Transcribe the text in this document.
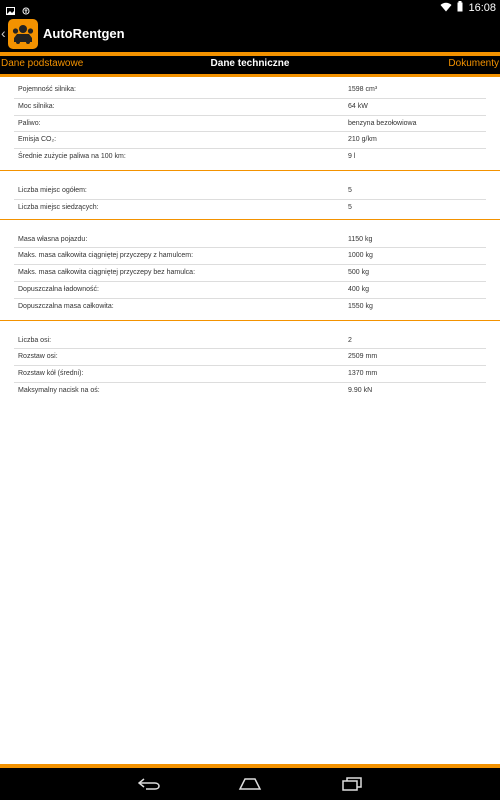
16:08
‹	AutoRentgen
Dane podstawowe	Dane techniczne	Dokumenty
Pojemność silnika:	1598 cm³
Moc silnika:	64 kW
Paliwo:	benzyna bezołowiowa
Emisja CO₂:	210 g/km
Średnie zużycie paliwa na 100 km:	9 l
Liczba miejsc ogółem:	5
Liczba miejsc siedzących:	5
Masa własna pojazdu:	1150 kg
Maks. masa całkowita ciągniętej przyczepy z hamulcem:	1000 kg
Maks. masa całkowita ciągniętej przyczepy bez hamulca:	500 kg
Dopuszczalna ładowność:	400 kg
Dopuszczalna masa całkowita:	1550 kg
Liczba osi:	2
Rozstaw osi:	2509 mm
Rozstaw kół (średni):	1370 mm
Maksymalny nacisk na oś:	9.90 kN
